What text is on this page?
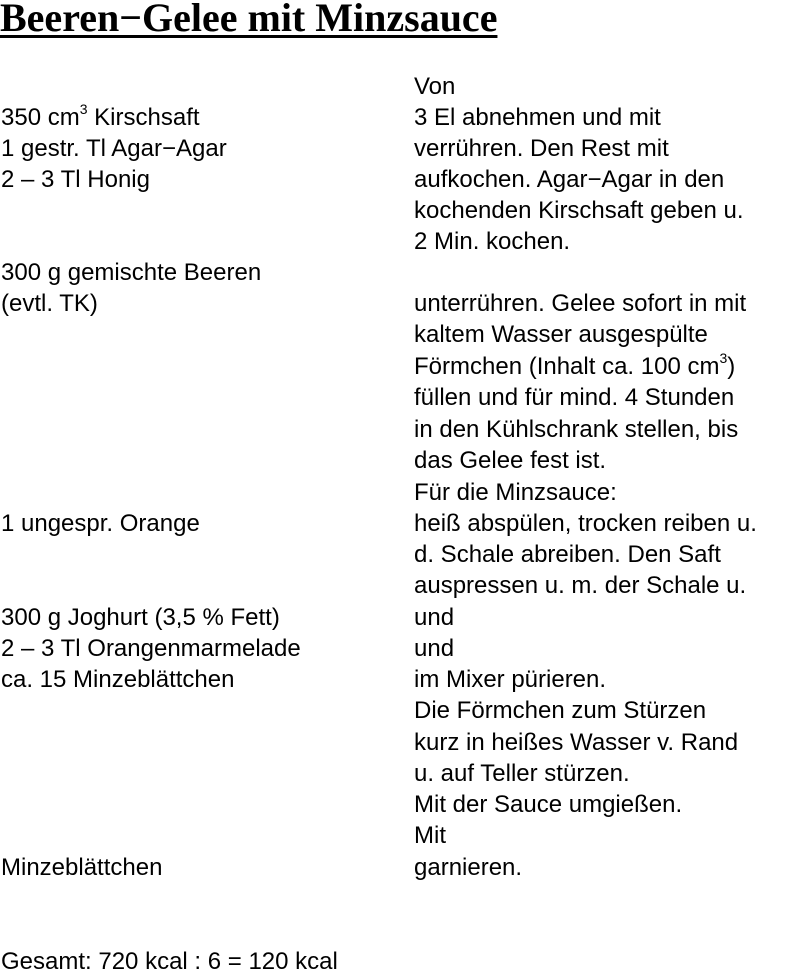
Beeren−Gelee mit Minzsauce
350 $cm^3$ Kirschsaft
1 gestr. Tl Agar−Agar
2 – 3 Tl Honig
300 g gemischte Beeren
(evtl. TK)
1 ungespr. Orange
300 g Joghurt (3,5 % Fett)
2 – 3 Tl Orangenmarmelade
ca. 15 Minzeblättchen
Minzeblättchen
Von
3 El abnehmen und mit
verrühren. Den Rest mit
aufkochen. Agar−Agar in den
kochenden Kirschsaft geben u.
2 Min. kochen.
unterrühren. Gelee sofort in mit
kaltem Wasser ausgespülte
Förmchen (Inhalt ca. 100 $cm^3$)
füllen und für mind. 4 Stunden
in den Kühlschrank stellen, bis
das Gelee fest ist.
Für die Minzsauce:
heiß abspülen, trocken reiben u.
d. Schale abreiben. Den Saft
auspressen u. m. der Schale u.
und
und
im Mixer pürieren.
Die Förmchen zum Stürzen
kurz in heißes Wasser v. Rand
u. auf Teller stürzen.
Mit der Sauce umgießen.
Mit
garnieren.
Gesamt: 720 kcal : 6 = 120 kcal
